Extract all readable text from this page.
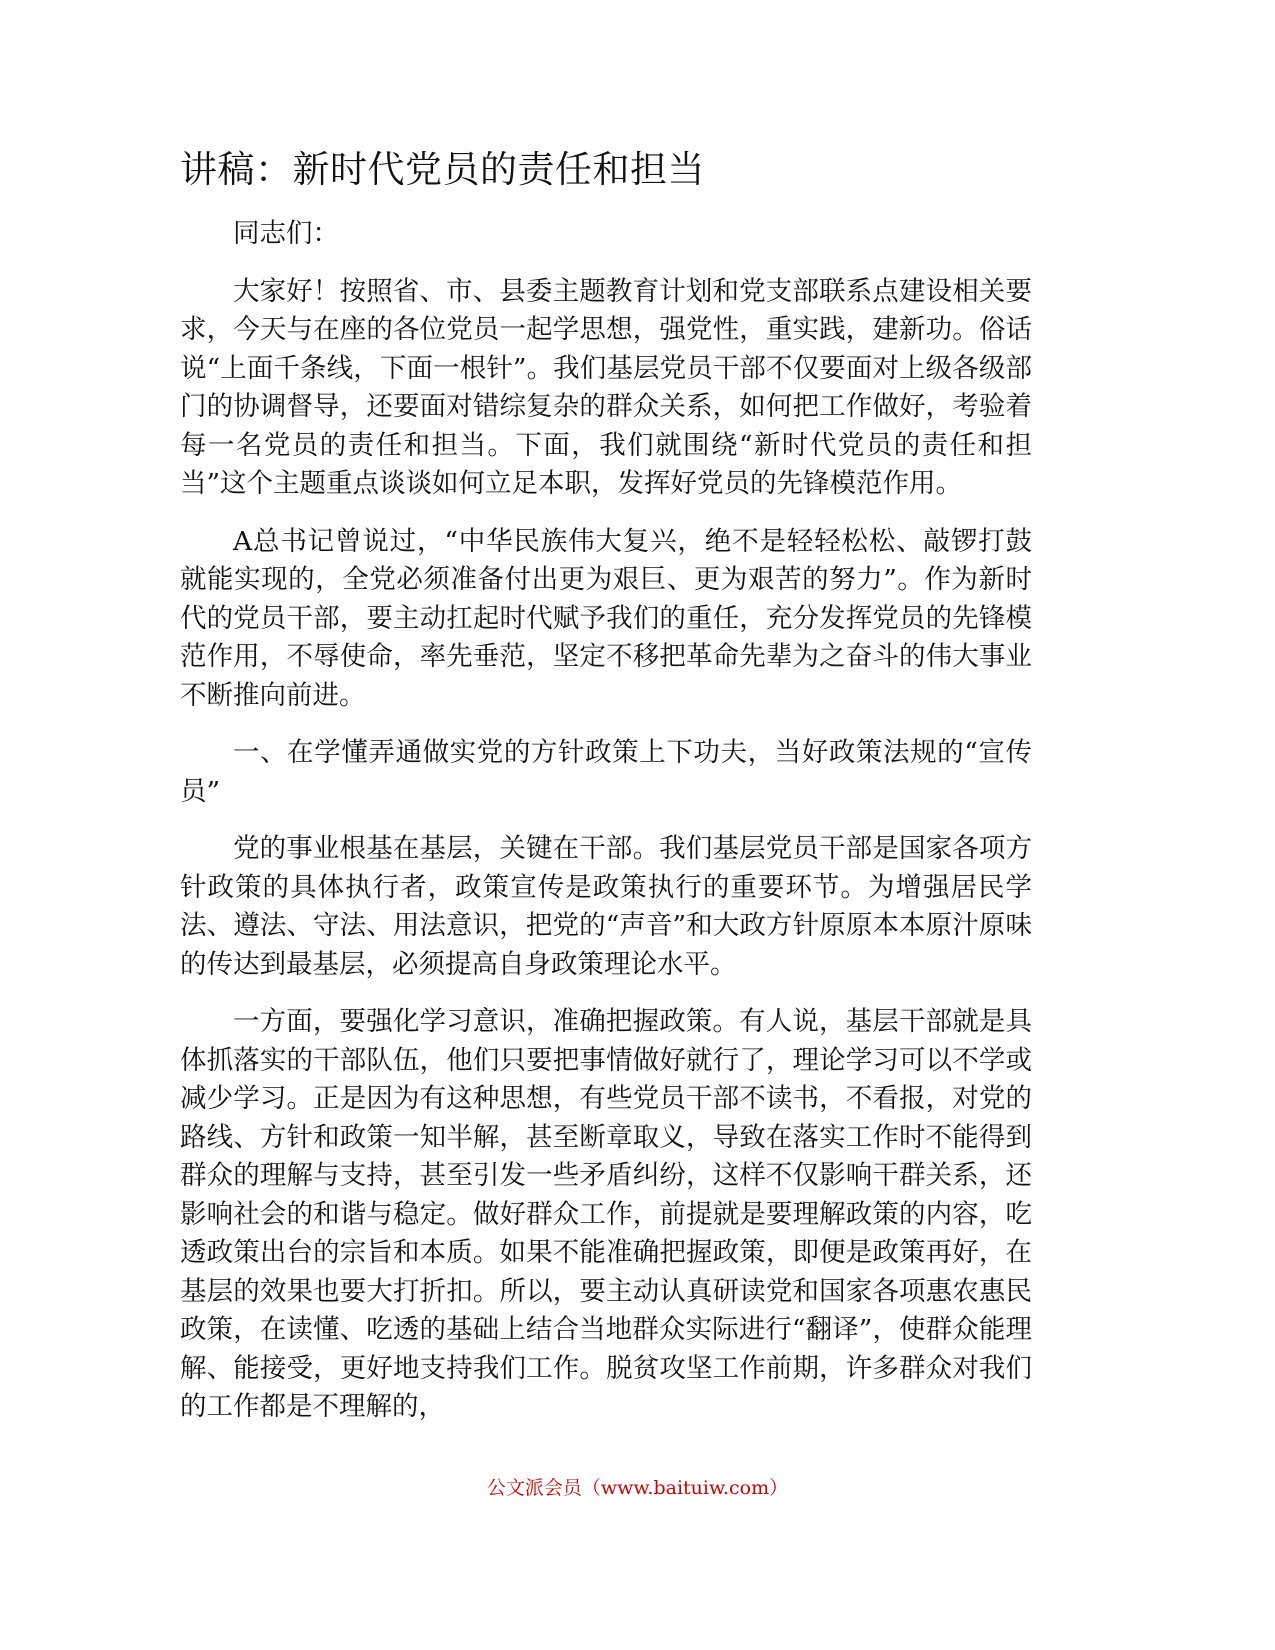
讲稿：新时代党员的责任和担当

同志们：

大家好！按照省、市、县委主题教育计划和党支部联系点建设相关要求，今天与在座的各位党员一起学思想，强党性，重实践，建新功。俗话说“上面千条线，下面一根针”。我们基层党员干部不仅要面对上级各级部门的协调督导，还要面对错综复杂的群众关系，如何把工作做好，考验着每一名党员的责任和担当。下面，我们就围绕“新时代党员的责任和担当”这个主题重点谈谈如何立足本职，发挥好党员的先锋模范作用。

A总书记曾说过，“中华民族伟大复兴，绝不是轻轻松松、敲锣打鼓就能实现的，全党必须准备付出更为艰巨、更为艰苦的努力”。作为新时代的党员干部，要主动扛起时代赋予我们的重任，充分发挥党员的先锋模范作用，不辱使命，率先垂范，坚定不移把革命先辈为之奋斗的伟大事业不断推向前进。

一、在学懂弄通做实党的方针政策上下功夫，当好政策法规的“宣传员”

党的事业根基在基层，关键在干部。我们基层党员干部是国家各项方针政策的具体执行者，政策宣传是政策执行的重要环节。为增强居民学法、遵法、守法、用法意识，把党的“声音”和大政方针原原本本原汁原味的传达到最基层，必须提高自身政策理论水平。

一方面，要强化学习意识，准确把握政策。有人说，基层干部就是具体抓落实的干部队伍，他们只要把事情做好就行了，理论学习可以不学或减少学习。正是因为有这种思想，有些党员干部不读书，不看报，对党的路线、方针和政策一知半解，甚至断章取义，导致在落实工作时不能得到群众的理解与支持，甚至引发一些矛盾纠纷，这样不仅影响干群关系，还影响社会的和谐与稳定。做好群众工作，前提就是要理解政策的内容，吃透政策出台的宗旨和本质。如果不能准确把握政策，即便是政策再好，在基层的效果也要大打折扣。所以，要主动认真研读党和国家各项惠农惠民政策，在读懂、吃透的基础上结合当地群众实际进行“翻译”，使群众能理解、能接受，更好地支持我们工作。脱贫攻坚工作前期，许多群众对我们的工作都是不理解的，

公文派会员（www.baituiw.com）
